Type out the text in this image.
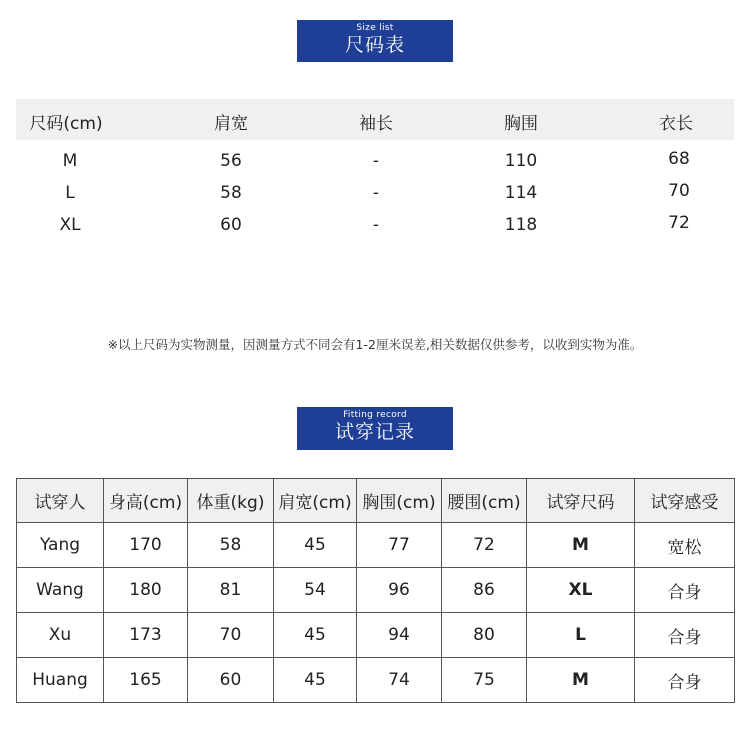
Size list
尺码表
尺码(cm)	肩宽	袖长	胸围	衣长
M	56	-	110	68
L	58	-	114	70
XL	60	-	118	72
※以上尺码为实物测量，因测量方式不同会有1-2厘米误差,相关数据仅供参考，以收到实物为准。
Fitting record
试穿记录
试穿人	身高(cm)	体重(kg)	肩宽(cm)	胸围(cm)	腰围(cm)	试穿尺码	试穿感受
Yang	170	58	45	77	72	M	宽松
Wang	180	81	54	96	86	XL	合身
Xu	173	70	45	94	80	L	合身
Huang	165	60	45	74	75	M	合身
